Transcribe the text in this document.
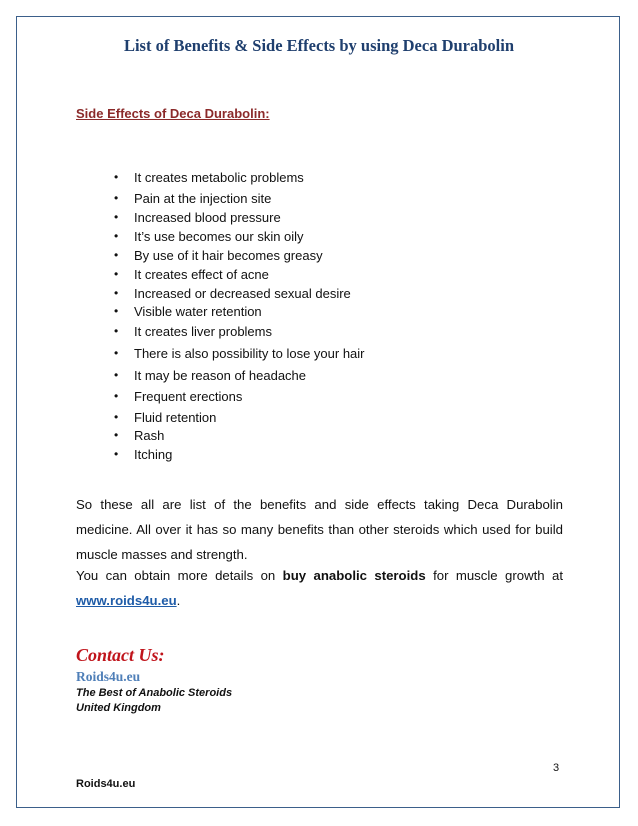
List of Benefits & Side Effects by using Deca Durabolin
Side Effects of Deca Durabolin:
• It creates metabolic problems
• Pain at the injection site
• Increased blood pressure
• It’s use becomes our skin oily
• By use of it hair becomes greasy
• It creates effect of acne
• Increased or decreased sexual desire
• Visible water retention
• It creates liver problems
• There is also possibility to lose your hair
• It may be reason of headache
• Frequent erections
• Fluid retention
• Rash
• Itching
So these all are list of the benefits and side effects taking Deca Durabolin medicine. All over it has so many benefits than other steroids which used for build muscle masses and strength.
You can obtain more details on buy anabolic steroids for muscle growth at www.roids4u.eu.
Contact Us:
Roids4u.eu
The Best of Anabolic Steroids
United Kingdom
3
Roids4u.eu
